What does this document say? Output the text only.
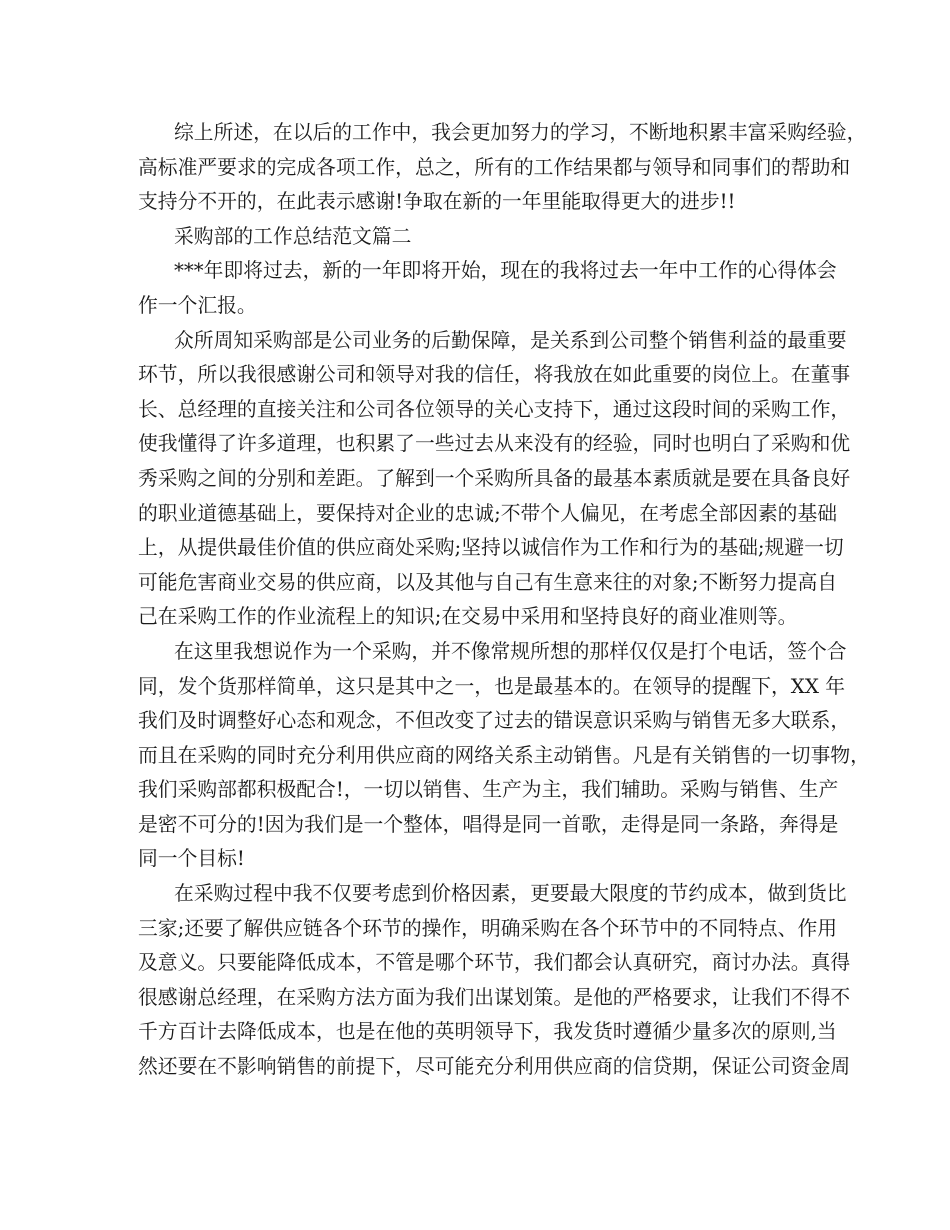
综上所述，在以后的工作中，我会更加努力的学习，不断地积累丰富采购经验，
高标准严要求的完成各项工作，总之，所有的工作结果都与领导和同事们的帮助和
支持分不开的，在此表示感谢!争取在新的一年里能取得更大的进步!!
采购部的工作总结范文篇二
***年即将过去，新的一年即将开始，现在的我将过去一年中工作的心得体会
作一个汇报。
众所周知采购部是公司业务的后勤保障，是关系到公司整个销售利益的最重要
环节，所以我很感谢公司和领导对我的信任，将我放在如此重要的岗位上。在董事
长、总经理的直接关注和公司各位领导的关心支持下，通过这段时间的采购工作，
使我懂得了许多道理，也积累了一些过去从来没有的经验，同时也明白了采购和优
秀采购之间的分别和差距。了解到一个采购所具备的最基本素质就是要在具备良好
的职业道德基础上，要保持对企业的忠诚;不带个人偏见，在考虑全部因素的基础
上，从提供最佳价值的供应商处采购;坚持以诚信作为工作和行为的基础;规避一切
可能危害商业交易的供应商，以及其他与自己有生意来往的对象;不断努力提高自
己在采购工作的作业流程上的知识;在交易中采用和坚持良好的商业准则等。
在这里我想说作为一个采购，并不像常规所想的那样仅仅是打个电话，签个合
同，发个货那样简单，这只是其中之一，也是最基本的。在领导的提醒下，XX 年
我们及时调整好心态和观念，不但改变了过去的错误意识采购与销售无多大联系，
而且在采购的同时充分利用供应商的网络关系主动销售。凡是有关销售的一切事物，
我们采购部都积极配合!，一切以销售、生产为主，我们辅助。采购与销售、生产
是密不可分的!因为我们是一个整体，唱得是同一首歌，走得是同一条路，奔得是
同一个目标!
在采购过程中我不仅要考虑到价格因素，更要最大限度的节约成本，做到货比
三家;还要了解供应链各个环节的操作，明确采购在各个环节中的不同特点、作用
及意义。只要能降低成本，不管是哪个环节，我们都会认真研究，商讨办法。真得
很感谢总经理，在采购方法方面为我们出谋划策。是他的严格要求，让我们不得不
千方百计去降低成本，也是在他的英明领导下，我发货时遵循少量多次的原则,当
然还要在不影响销售的前提下，尽可能充分利用供应商的信贷期，保证公司资金周
